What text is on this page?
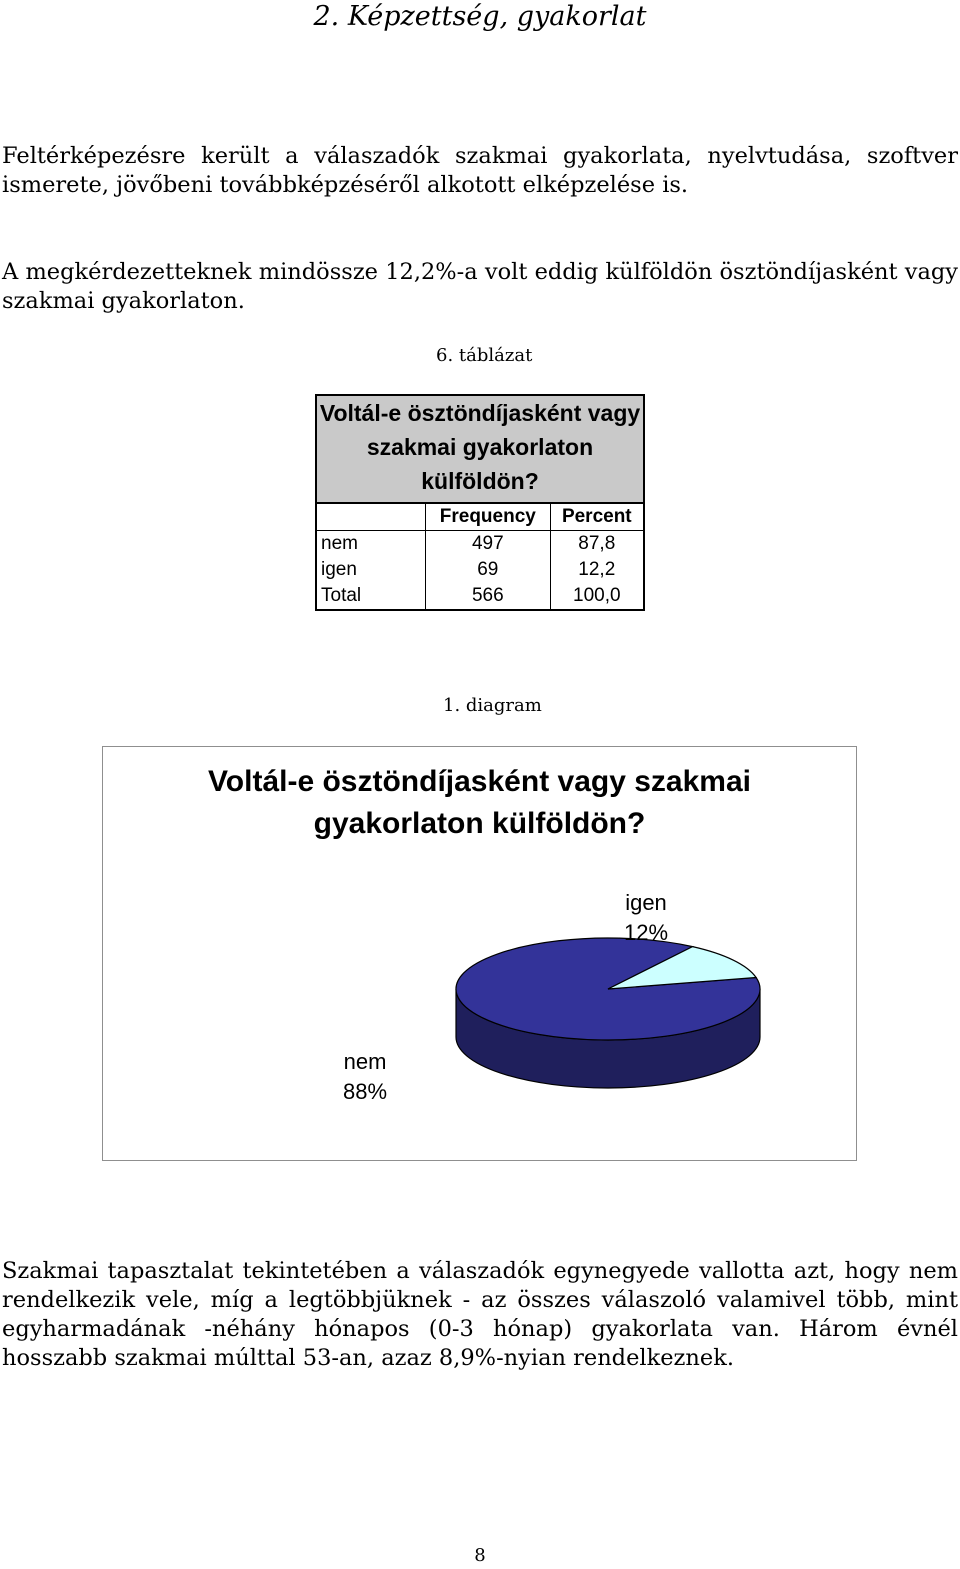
2. Képzettség, gyakorlat

Feltérképezésre került a válaszadók szakmai gyakorlata, nyelvtudása, szoftver ismerete, jövőbeni továbbképzéséről alkotott elképzelése is.

A megkérdezetteknek mindössze 12,2%-a volt eddig külföldön ösztöndíjasként vagy szakmai gyakorlaton.

6. táblázat
Voltál-e ösztöndíjasként vagy szakmai gyakorlaton külföldön?		
	Frequency	Percent
nem	497	87,8
igen	69	12,2
Total	566	100,0
1. diagram
Voltál-e ösztöndíjasként vagy szakmai
gyakorlaton külföldön?
nem 88%
igen 12%

Szakmai tapasztalat tekintetében a válaszadók egynegyede vallotta azt, hogy nem rendelkezik vele, míg a legtöbbjüknek - az összes válaszoló valamivel több, mint egyharmadának -néhány hónapos (0-3 hónap) gyakorlata van. Három évnél hosszabb szakmai múlttal 53-an, azaz 8,9%-nyian rendelkeznek.

8
